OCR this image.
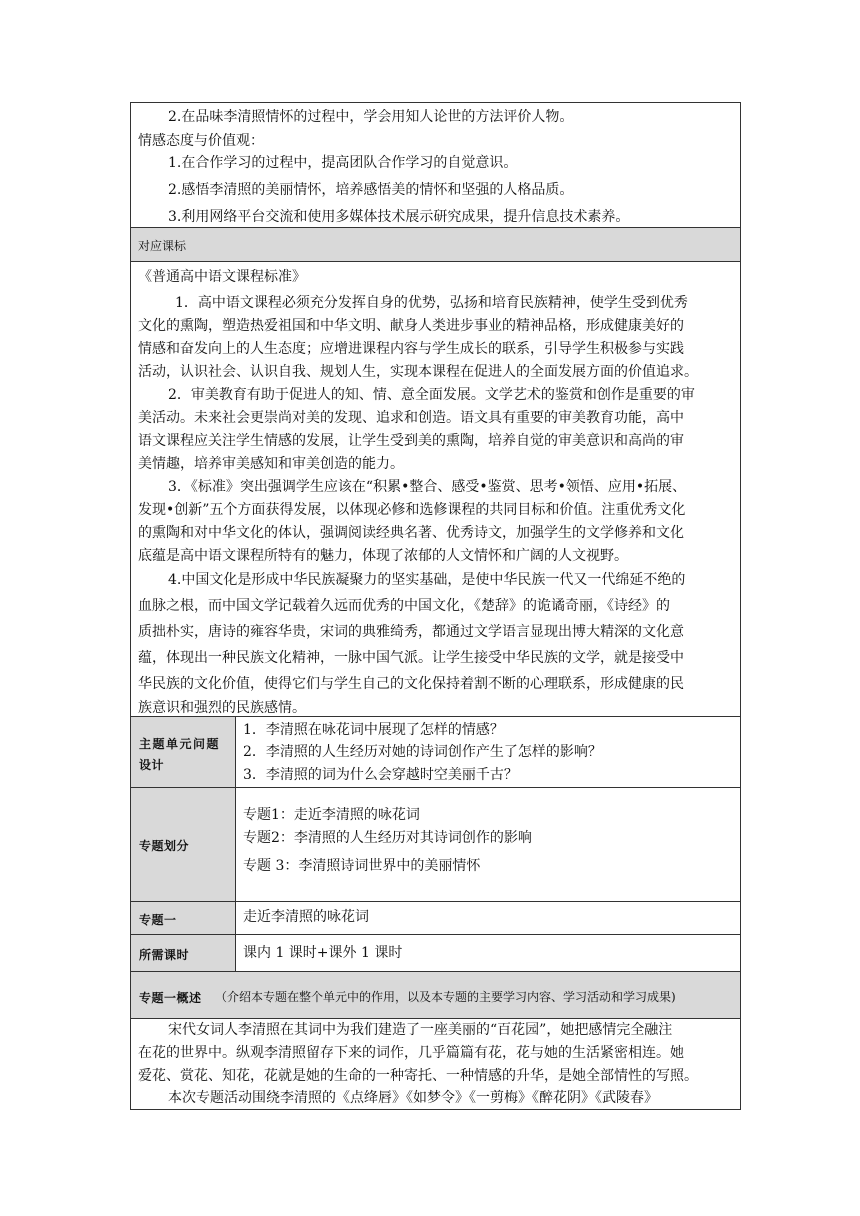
2.在品味李清照情怀的过程中，学会用知人论世的方法评价人物。
情感态度与价值观：
1.在合作学习的过程中，提高团队合作学习的自觉意识。
2.感悟李清照的美丽情怀，培养感悟美的情怀和坚强的人格品质。
3.利用网络平台交流和使用多媒体技术展示研究成果，提升信息技术素养。
对应课标
《普通高中语文课程标准》
1．高中语文课程必须充分发挥自身的优势，弘扬和培育民族精神，使学生受到优秀
文化的熏陶，塑造热爱祖国和中华文明、献身人类进步事业的精神品格，形成健康美好的
情感和奋发向上的人生态度；应增进课程内容与学生成长的联系，引导学生积极参与实践
活动，认识社会、认识自我、规划人生，实现本课程在促进人的全面发展方面的价值追求。
2．审美教育有助于促进人的知、情、意全面发展。文学艺术的鉴赏和创作是重要的审
美活动。未来社会更崇尚对美的发现、追求和创造。语文具有重要的审美教育功能，高中
语文课程应关注学生情感的发展，让学生受到美的熏陶，培养自觉的审美意识和高尚的审
美情趣，培养审美感知和审美创造的能力。
3．《标准》突出强调学生应该在“积累•整合、感受•鉴赏、思考•领悟、应用•拓展、
发现•创新”五个方面获得发展，以体现必修和选修课程的共同目标和价值。注重优秀文化
的熏陶和对中华文化的体认，强调阅读经典名著、优秀诗文，加强学生的文学修养和文化
底蕴是高中语文课程所特有的魅力，体现了浓郁的人文情怀和广阔的人文视野。
4.中国文化是形成中华民族凝聚力的坚实基础，是使中华民族一代又一代绵延不绝的
血脉之根，而中国文学记载着久远而优秀的中国文化，《楚辞》的诡谲奇丽，《诗经》的
质拙朴实，唐诗的雍容华贵，宋词的典雅绮秀，都通过文学语言显现出博大精深的文化意
蕴，体现出一种民族文化精神，一脉中国气派。让学生接受中华民族的文学，就是接受中
华民族的文化价值，使得它们与学生自己的文化保持着割不断的心理联系，形成健康的民
族意识和强烈的民族感情。
主题单元问题
设计
1．李清照在咏花词中展现了怎样的情感？
2．李清照的人生经历对她的诗词创作产生了怎样的影响？
3．李清照的词为什么会穿越时空美丽千古？
专题划分
专题1：走近李清照的咏花词
专题2：李清照的人生经历对其诗词创作的影响
专题 3：李清照诗词世界中的美丽情怀
专题一	走近李清照的咏花词
所需课时	课内 1 课时+课外 1 课时
专题一概述 （介绍本专题在整个单元中的作用，以及本专题的主要学习内容、学习活动和学习成果)
宋代女词人李清照在其词中为我们建造了一座美丽的“百花园”，她把感情完全融注
在花的世界中。纵观李清照留存下来的词作，几乎篇篇有花，花与她的生活紧密相连。她
爱花、赏花、知花，花就是她的生命的一种寄托、一种情感的升华，是她全部情性的写照。
本次专题活动围绕李清照的《点绛唇》《如梦令》《一剪梅》《醉花阴》《武陵春》
